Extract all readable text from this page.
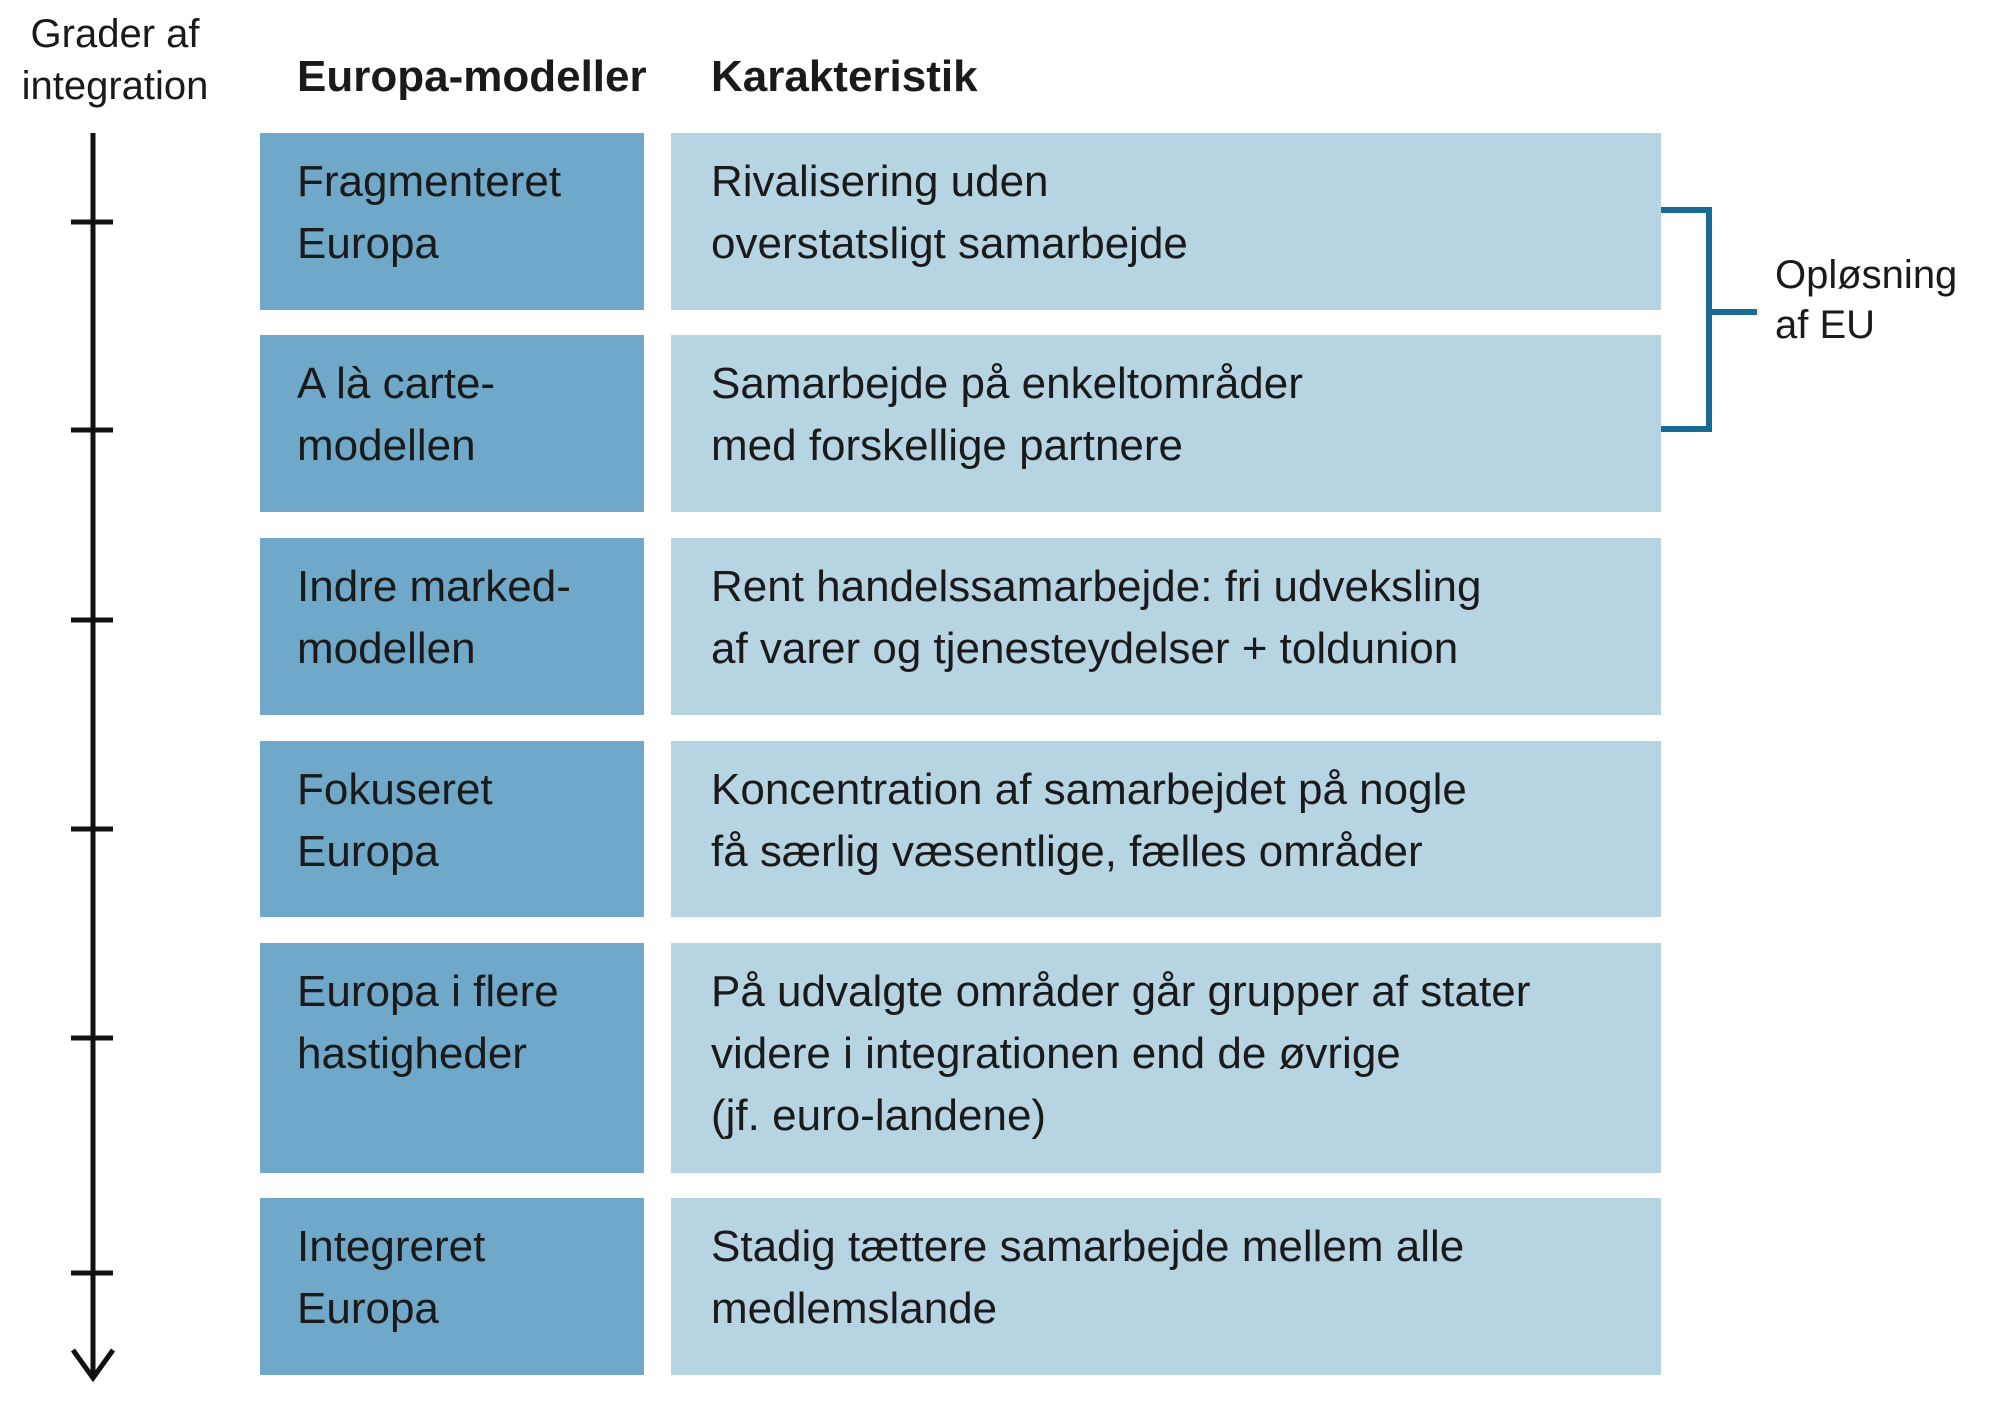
Grader af
integration	Europa-modeller Karakteristik
Fragmenteret
Europa
Rivalisering uden
overstatsligt samarbejde
A là carte-
modellen
Samarbejde på enkeltområder
med forskellige partnere
Indre marked-
modellen
Rent handelssamarbejde: fri udveksling
af varer og tjenesteydelser + toldunion
Fokuseret
Europa
Koncentration af samarbejdet på nogle
få særlig væsentlige, fælles områder
Europa i flere
hastigheder
På udvalgte områder går grupper af stater
videre i integrationen end de øvrige
(jf. euro-landene)
Integreret
Europa
Stadig tættere samarbejde mellem alle
medlemslande
Opløsning
af EU
